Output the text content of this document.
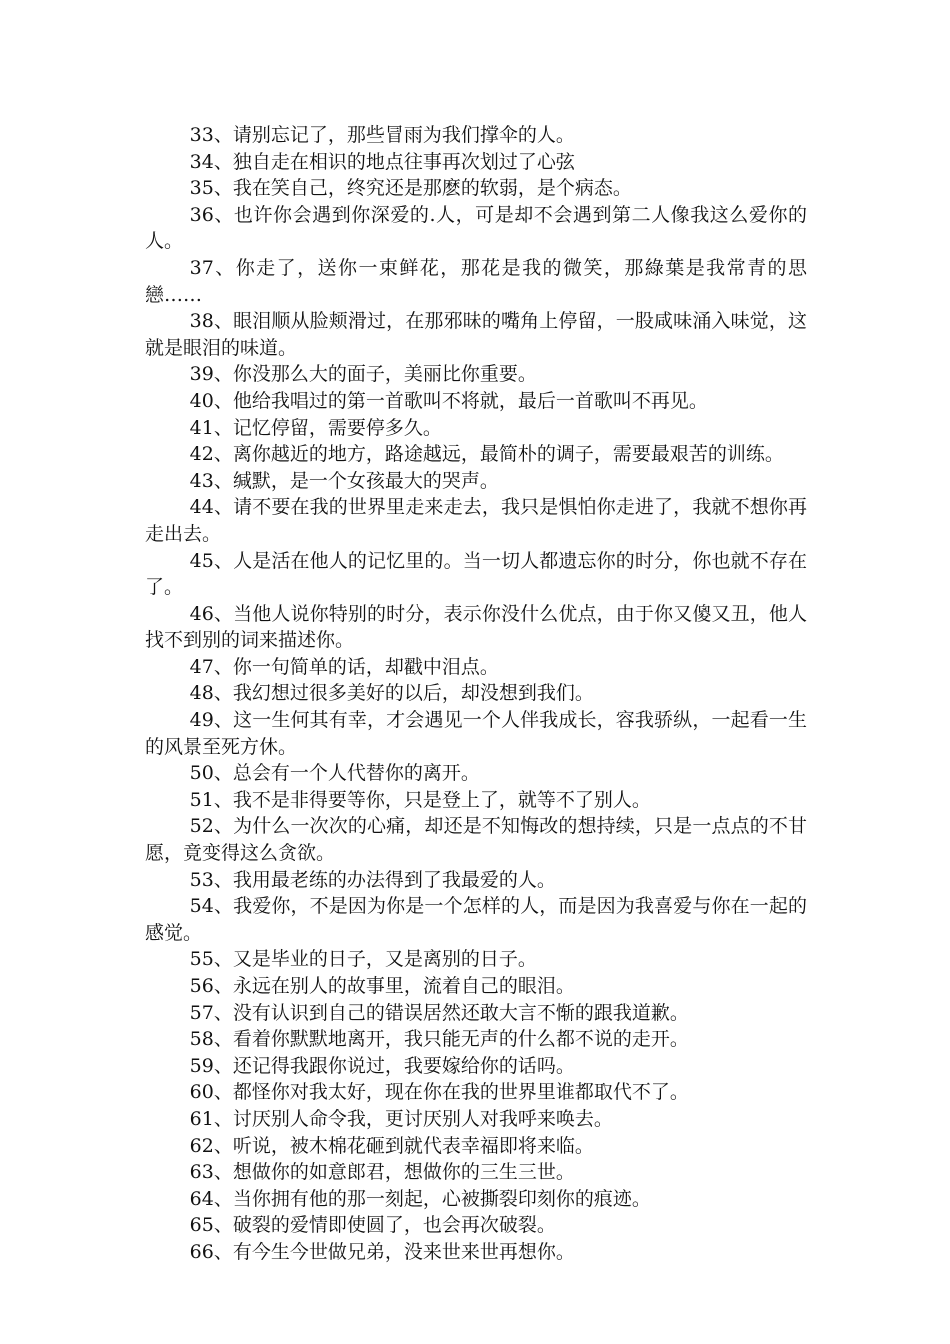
33、请别忘记了，那些冒雨为我们撑伞的人。

34、独自走在相识的地点往事再次划过了心弦

35、我在笑自己，终究还是那麽的软弱，是个病态。

36、也许你会遇到你深爱的.人，可是却不会遇到第二人像我这么爱你的人。

37、你走了，送你一束鲜花，那花是我的微笑，那綠葉是我常青的思戀……

38、眼泪顺从脸颊滑过，在那邪昧的嘴角上停留，一股咸味涌入味觉，这就是眼泪的味道。

39、你没那么大的面子，美丽比你重要。

40、他给我唱过的第一首歌叫不将就，最后一首歌叫不再见。

41、记忆停留，需要停多久。

42、离你越近的地方，路途越远，最简朴的调子，需要最艰苦的训练。

43、缄默，是一个女孩最大的哭声。

44、请不要在我的世界里走来走去，我只是惧怕你走进了，我就不想你再走出去。

45、人是活在他人的记忆里的。当一切人都遗忘你的时分，你也就不存在了。

46、当他人说你特别的时分，表示你没什么优点，由于你又傻又丑，他人找不到别的词来描述你。

47、你一句简单的话，却戳中泪点。

48、我幻想过很多美好的以后，却没想到我们。

49、这一生何其有幸，才会遇见一个人伴我成长，容我骄纵，一起看一生的风景至死方休。

50、总会有一个人代替你的离开。

51、我不是非得要等你，只是登上了，就等不了别人。

52、为什么一次次的心痛，却还是不知悔改的想持续，只是一点点的不甘愿，竟变得这么贪欲。

53、我用最老练的办法得到了我最爱的人。

54、我爱你，不是因为你是一个怎样的人，而是因为我喜爱与你在一起的感觉。

55、又是毕业的日子，又是离别的日子。

56、永远在别人的故事里，流着自己的眼泪。

57、没有认识到自己的错误居然还敢大言不惭的跟我道歉。

58、看着你默默地离开，我只能无声的什么都不说的走开。

59、还记得我跟你说过，我要嫁给你的话吗。

60、都怪你对我太好，现在你在我的世界里谁都取代不了。

61、讨厌别人命令我，更讨厌别人对我呼来唤去。

62、听说，被木棉花砸到就代表幸福即将来临。

63、想做你的如意郎君，想做你的三生三世。

64、当你拥有他的那一刻起，心被撕裂印刻你的痕迹。

65、破裂的爱情即使圆了，也会再次破裂。

66、有今生今世做兄弟，没来世来世再想你。
